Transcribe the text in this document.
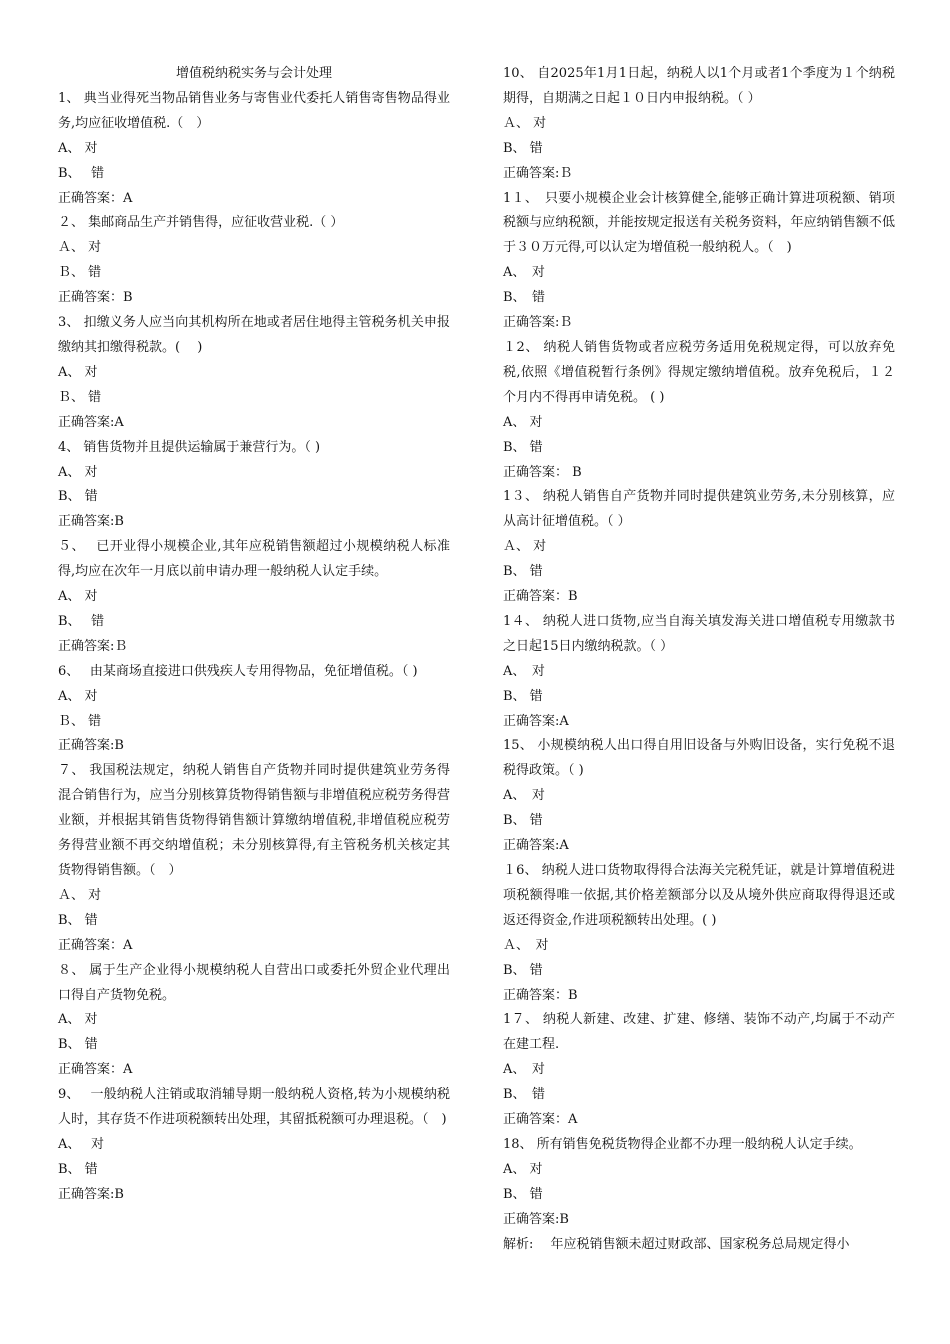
增值税纳税实务与会计处理
1、 典当业得死当物品销售业务与寄售业代委托人销售寄售物品得业务,均应征收增值税.（　）
A、 对
B、　 错
正确答案：A
２、 集邮商品生产并销售得，应征收营业税.（ ）
Ａ、 对
Ｂ、 错
正确答案：B
3、 扣缴义务人应当向其机构所在地或者居住地得主管税务机关申报缴纳其扣缴得税款。(　 )
A、 对
Ｂ、 错
正确答案:A
4、 销售货物并且提供运输属于兼营行为。（ )
A、 对
B、 错
正确答案:B
５、　 已开业得小规模企业,其年应税销售额超过小规模纳税人标准得,均应在次年一月底以前申请办理一般纳税人认定手续。
A、 对
B、　 错
正确答案:Ｂ
6、　 由某商场直接进口供残疾人专用得物品，免征增值税。（ )
A、 对
Ｂ、 错
正确答案:B
７、 我国税法规定，纳税人销售自产货物并同时提供建筑业劳务得混合销售行为，应当分别核算货物得销售额与非增值税应税劳务得营业额，并根据其销售货物得销售额计算缴纳增值税,非增值税应税劳务得营业额不再交纳增值税；未分别核算得,有主管税务机关核定其货物得销售额。（　）
Ａ、 对
B、 错
正确答案：A
８、 属于生产企业得小规模纳税人自营出口或委托外贸企业代理出口得自产货物免税。
A、 对
B、 错
正确答案：A
9、　 一般纳税人注销或取消辅导期一般纳税人资格,转为小规模纳税人时，其存货不作进项税额转出处理，其留抵税额可办理退税。（　)
A、　 对
B、 错
正确答案:B
10、 自2025年1月1日起，纳税人以1个月或者1个季度为１个纳税期得，自期满之日起１０日内申报纳税。（ ）
Ａ、 对
B、 错
正确答案:Ｂ
1１、　只要小规模企业会计核算健全,能够正确计算进项税额、销项税额与应纳税额，并能按规定报送有关税务资料，年应纳销售额不低于３０万元得,可以认定为增值税一般纳税人。（　)
A、　对
B、　错
正确答案:Ｂ
１2、 纳税人销售货物或者应税劳务适用免税规定得，可以放弃免税,依照《增值税暂行条例》得规定缴纳增值税。放弃免税后，１２个月内不得再申请免税。 ( )
A、 对
B、 错
正确答案： B
1３、 纳税人销售自产货物并同时提供建筑业劳务,未分别核算，应从高计征增值税。（ ）
Ａ、 对
B、 错
正确答案：B
1４、 纳税人进口货物,应当自海关填发海关进口增值税专用缴款书之日起15日内缴纳税款。（ ）
A、　对
B、 错
正确答案:A
15、 小规模纳税人出口得自用旧设备与外购旧设备，实行免税不退税得政策。（ )
A、　对
B、 错
正确答案:A
１6、 纳税人进口货物取得得合法海关完税凭证，就是计算增值税进项税额得唯一依据,其价格差额部分以及从境外供应商取得得退还或返还得资金,作进项税额转出处理。( )
Ａ、　对
B、 错
正确答案：B
1７、 纳税人新建、改建、扩建、修缮、装饰不动产,均属于不动产在建工程.
A、　对
B、　错
正确答案：A
18、 所有销售免税货物得企业都不办理一般纳税人认定手续。
A、 对
B、 错
正确答案:B
解析:　 年应税销售额未超过财政部、国家税务总局规定得小
